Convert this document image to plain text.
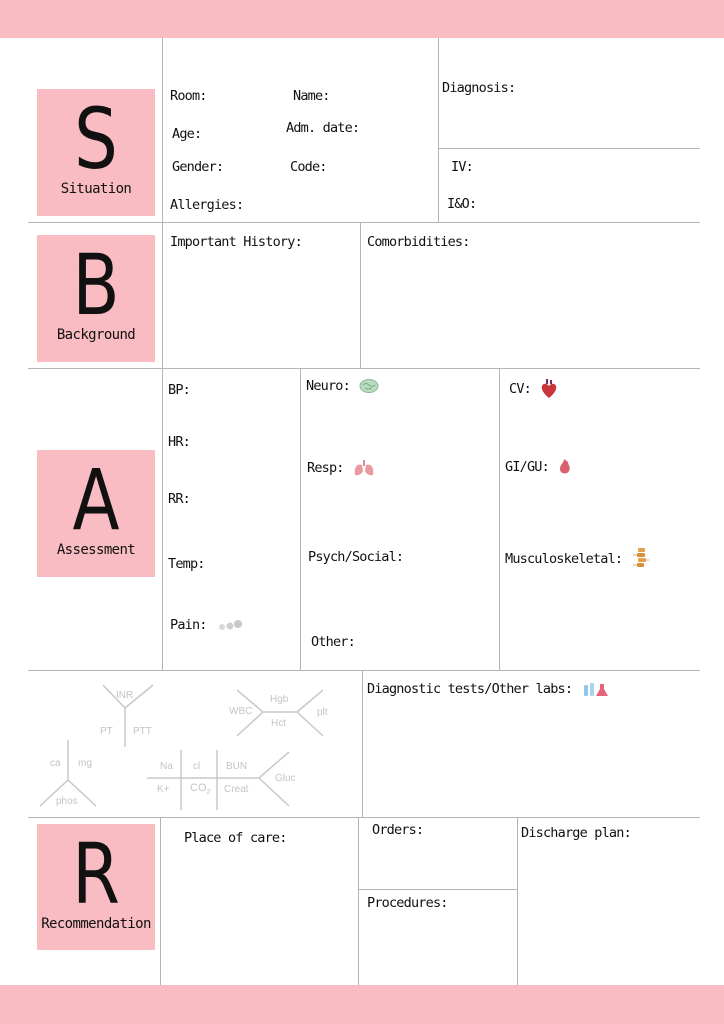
S
Situation
Room:	Name:
Age:	Adm. date:
Gender:	Code:
Allergies:
Diagnosis:
IV:
I&O:
B
Background
Important History:	Comorbidities:
A
Assessment
BP:
HR:
RR:
Temp:
Pain:
Neuro:
Resp:
Psych/Social:
Other:
CV:
GI/GU:
Musculoskeletal:
INR
PT PTT
WBC
Hgb
Hct
plt
ca mg
phos
Na cl	BUN
$K+ CO_2$ Creat
Gluc
Diagnostic tests/Other labs:
R
Recommendation
Place of care:	Orders:
Procedures:
Discharge plan:
